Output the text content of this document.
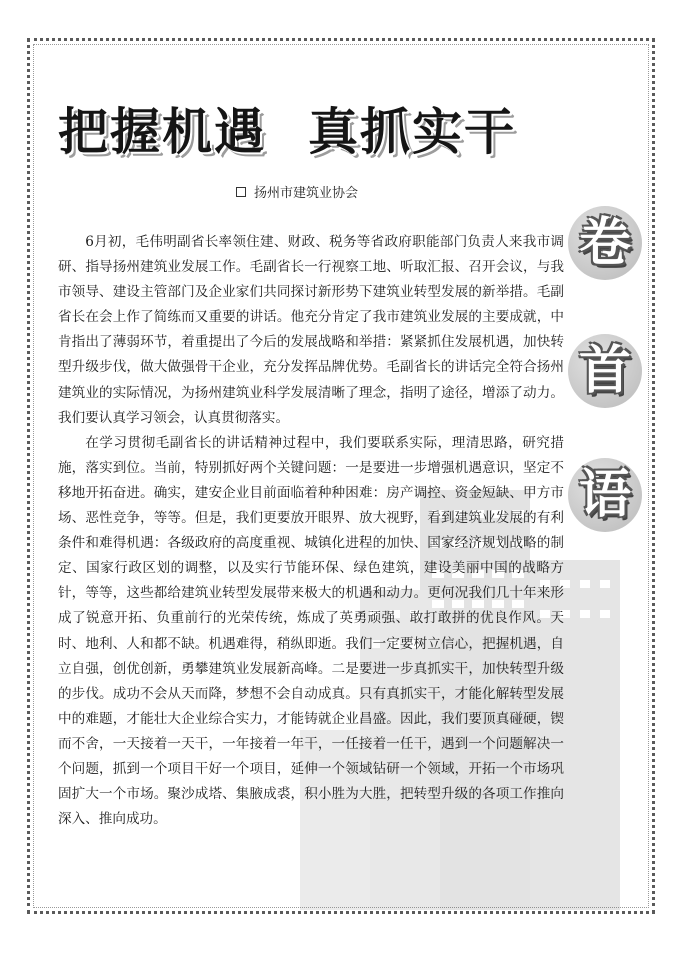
把握机遇 真抓实干
扬州市建筑业协会

6月初，毛伟明副省长率领住建、财政、税务等省政府职能部门负责人来我市调研、指导扬州建筑业发展工作。毛副省长一行视察工地、听取汇报、召开会议，与我市领导、建设主管部门及企业家们共同探讨新形势下建筑业转型发展的新举措。毛副省长在会上作了简练而又重要的讲话。他充分肯定了我市建筑业发展的主要成就，中肯指出了薄弱环节，着重提出了今后的发展战略和举措：紧紧抓住发展机遇，加快转型升级步伐，做大做强骨干企业，充分发挥品牌优势。毛副省长的讲话完全符合扬州建筑业的实际情况，为扬州建筑业科学发展清晰了理念，指明了途径，增添了动力。我们要认真学习领会，认真贯彻落实。

在学习贯彻毛副省长的讲话精神过程中，我们要联系实际，理清思路，研究措施，落实到位。当前，特别抓好两个关键问题：一是要进一步增强机遇意识，坚定不移地开拓奋进。确实，建安企业目前面临着种种困难：房产调控、资金短缺、甲方市场、恶性竞争，等等。但是，我们更要放开眼界、放大视野，看到建筑业发展的有利条件和难得机遇：各级政府的高度重视、城镇化进程的加快、国家经济规划战略的制定、国家行政区划的调整，以及实行节能环保、绿色建筑，建设美丽中国的战略方针，等等，这些都给建筑业转型发展带来极大的机遇和动力。更何况我们几十年来形成了锐意开拓、负重前行的光荣传统，炼成了英勇顽强、敢打敢拼的优良作风。天时、地利、人和都不缺。机遇难得，稍纵即逝。我们一定要树立信心，把握机遇，自立自强，创优创新，勇攀建筑业发展新高峰。二是要进一步真抓实干，加快转型升级的步伐。成功不会从天而降，梦想不会自动成真。只有真抓实干，才能化解转型发展中的难题，才能壮大企业综合实力，才能铸就企业昌盛。因此，我们要顶真碰硬，锲而不舍，一天接着一天干，一年接着一年干，一任接着一任干，遇到一个问题解决一个问题，抓到一个项目干好一个项目，延伸一个领域钻研一个领域，开拓一个市场巩固扩大一个市场。聚沙成塔、集腋成裘，积小胜为大胜，把转型升级的各项工作推向深入、推向成功。

卷
首
语
